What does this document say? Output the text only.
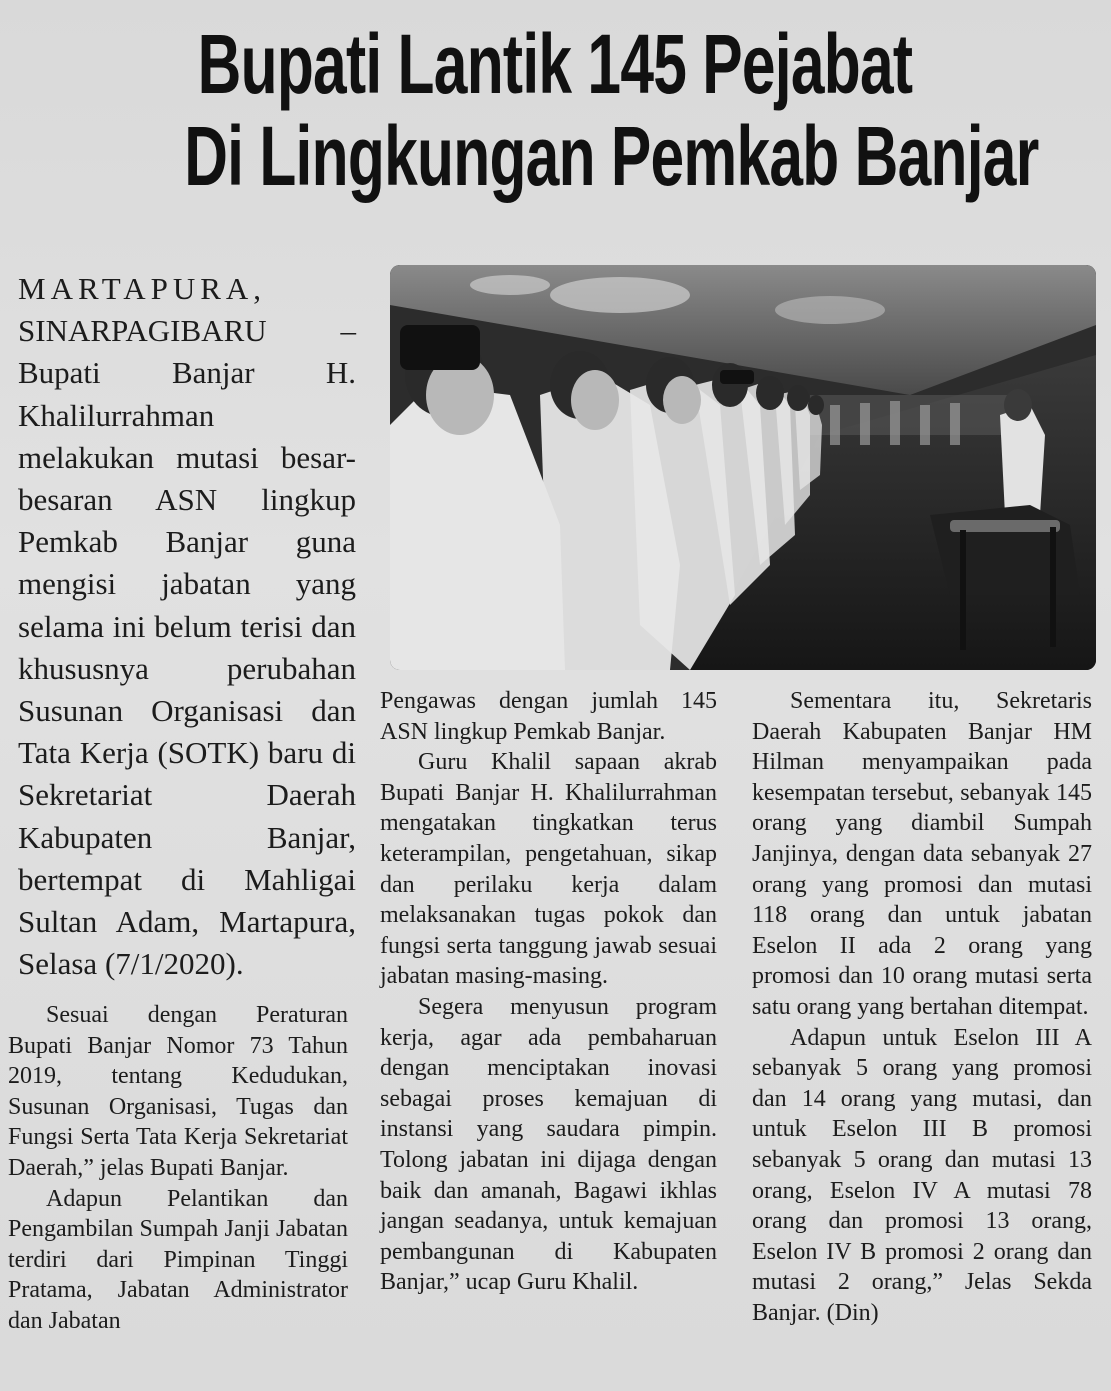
Bupati Lantik 145 Pejabat
Di Lingkungan Pemkab Banjar
MARTAPURA, SINARPAGIBARU – Bupati Banjar H. Khalilurrahman melakukan mutasi besar-besaran ASN lingkup Pemkab Banjar guna mengisi jabatan yang selama ini belum terisi dan khususnya perubahan Susunan Organisasi dan Tata Kerja (SOTK) baru di Sekretariat Daerah Kabupaten Banjar, bertempat di Mahligai Sultan Adam, Martapura, Selasa (7/1/2020).

Sesuai dengan Peraturan Bupati Banjar Nomor 73 Tahun 2019, tentang Kedudukan, Susunan Organisasi, Tugas dan Fungsi Serta Tata Kerja Sekretariat Daerah,” jelas Bupati Banjar.

Adapun Pelantikan dan Pengambilan Sumpah Janji Jabatan terdiri dari Pimpinan Tinggi Pratama, Jabatan Administrator dan Jabatan

Pengawas dengan jumlah 145 ASN lingkup Pemkab Banjar.

Guru Khalil sapaan akrab Bupati Banjar H. Khalilurrahman mengatakan tingkatkan terus keterampilan, pengetahuan, sikap dan perilaku kerja dalam melaksanakan tugas pokok dan fungsi serta tanggung jawab sesuai jabatan masing-masing.

Segera menyusun program kerja, agar ada pembaharuan dengan menciptakan inovasi sebagai proses kemajuan di instansi yang saudara pimpin. Tolong jabatan ini dijaga dengan baik dan amanah, Bagawi ikhlas jangan seadanya, untuk kemajuan pembangunan di Kabupaten Banjar,” ucap Guru Khalil.

Sementara itu, Sekretaris Daerah Kabupaten Banjar HM Hilman menyampaikan pada kesempatan tersebut, sebanyak 145 orang yang diambil Sumpah Janjinya, dengan data sebanyak 27 orang yang promosi dan mutasi 118 orang dan untuk jabatan Eselon II ada 2 orang yang promosi dan 10 orang mutasi serta satu orang yang bertahan ditempat.

Adapun untuk Eselon III A sebanyak 5 orang yang promosi dan 14 orang yang mutasi, dan untuk Eselon III B promosi sebanyak 5 orang dan mutasi 13 orang, Eselon IV A mutasi 78 orang dan promosi 13 orang, Eselon IV B promosi 2 orang dan mutasi 2 orang,” Jelas Sekda Banjar. (Din)
